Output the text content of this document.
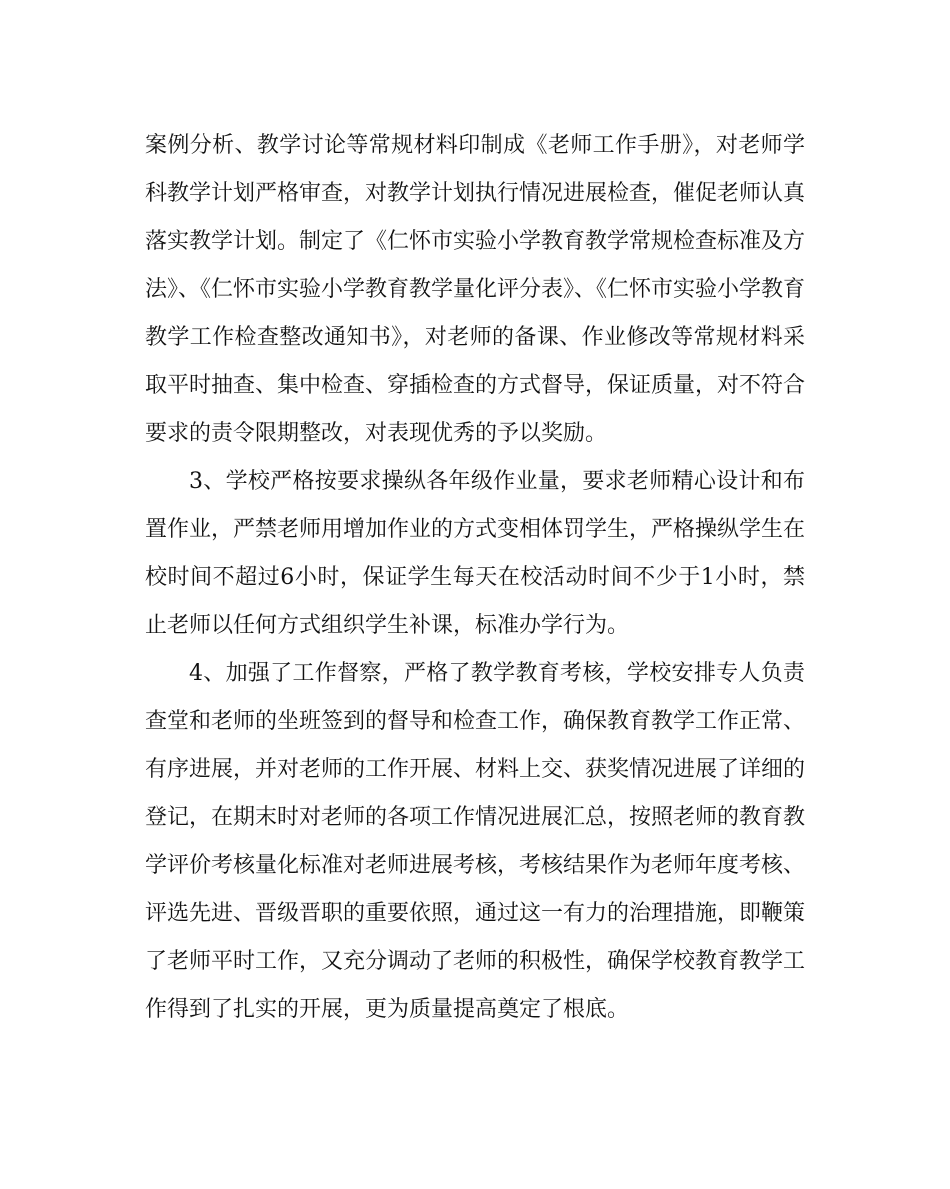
案例分析、教学讨论等常规材料印制成《老师工作手册》，对老师学科教学计划严格审查，对教学计划执行情况进展检查，催促老师认真落实教学计划。制定了《仁怀市实验小学教育教学常规检查标准及方法》、《仁怀市实验小学教育教学量化评分表》、《仁怀市实验小学教育教学工作检查整改通知书》，对老师的备课、作业修改等常规材料采取平时抽查、集中检查、穿插检查的方式督导，保证质量，对不符合要求的责令限期整改，对表现优秀的予以奖励。

3、学校严格按要求操纵各年级作业量，要求老师精心设计和布置作业，严禁老师用增加作业的方式变相体罚学生，严格操纵学生在校时间不超过6小时，保证学生每天在校活动时间不少于1小时，禁止老师以任何方式组织学生补课，标准办学行为。

4、加强了工作督察，严格了教学教育考核，学校安排专人负责查堂和老师的坐班签到的督导和检查工作，确保教育教学工作正常、有序进展，并对老师的工作开展、材料上交、获奖情况进展了详细的登记，在期末时对老师的各项工作情况进展汇总，按照老师的教育教学评价考核量化标准对老师进展考核，考核结果作为老师年度考核、评选先进、晋级晋职的重要依照，通过这一有力的治理措施，即鞭策了老师平时工作，又充分调动了老师的积极性，确保学校教育教学工作得到了扎实的开展，更为质量提高奠定了根底。
